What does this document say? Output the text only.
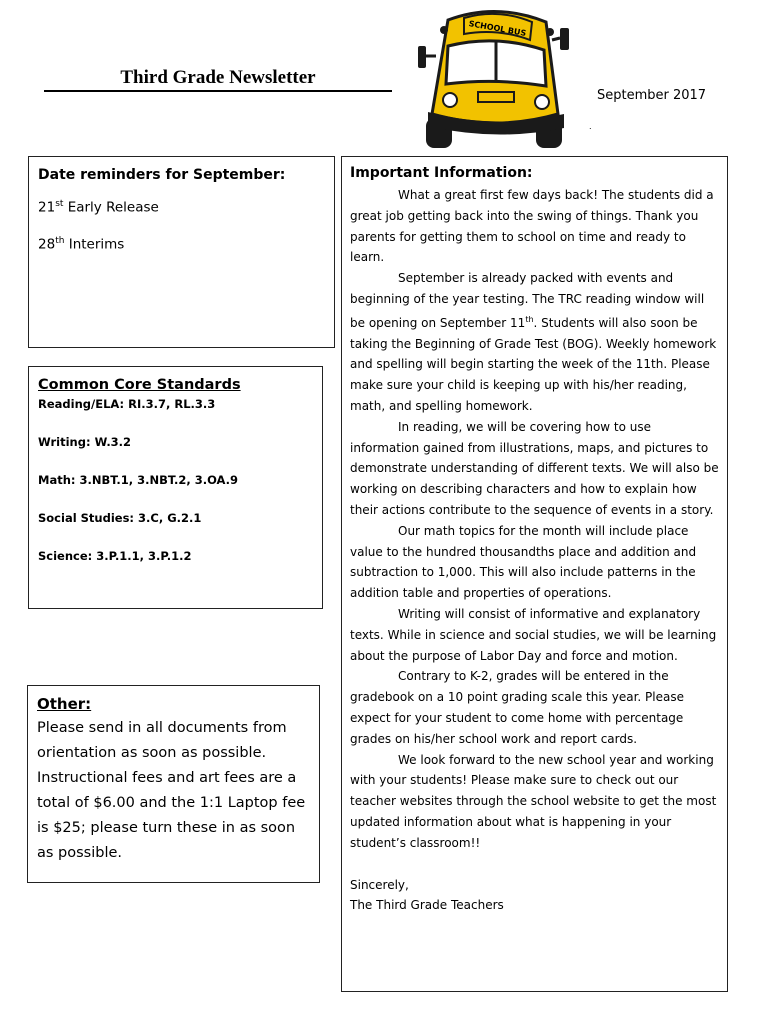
Third Grade Newsletter
September 2017
.
SCHOOL BUS

Date reminders for September:

21st Early Release

28th Interims

Common Core Standards

Reading/ELA: RI.3.7, RL.3.3

Writing: W.3.2

Math: 3.NBT.1, 3.NBT.2, 3.OA.9

Social Studies: 3.C, G.2.1

Science: 3.P.1.1, 3.P.1.2

Other:

Please send in all documents from orientation as soon as possible. Instructional fees and art fees are a total of $6.00 and the 1:1 Laptop fee is $25; please turn these in as soon as possible.

Important Information:

What a great first few days back! The students did a great job getting back into the swing of things. Thank you parents for getting them to school on time and ready to learn.

September is already packed with events and beginning of the year testing. The TRC reading window will be opening on September 11th. Students will also soon be taking the Beginning of Grade Test (BOG). Weekly homework and spelling will begin starting the week of the 11th. Please make sure your child is keeping up with his/her reading, math, and spelling homework.

In reading, we will be covering how to use information gained from illustrations, maps, and pictures to demonstrate understanding of different texts. We will also be working on describing characters and how to explain how their actions contribute to the sequence of events in a story.

Our math topics for the month will include place value to the hundred thousandths place and addition and subtraction to 1,000. This will also include patterns in the addition table and properties of operations.

Writing will consist of informative and explanatory texts. While in science and social studies, we will be learning about the purpose of Labor Day and force and motion.

Contrary to K-2, grades will be entered in the gradebook on a 10 point grading scale this year. Please expect for your student to come home with percentage grades on his/her school work and report cards.

We look forward to the new school year and working with your students! Please make sure to check out our teacher websites through the school website to get the most updated information about what is happening in your student’s classroom!!

Sincerely,

The Third Grade Teachers
